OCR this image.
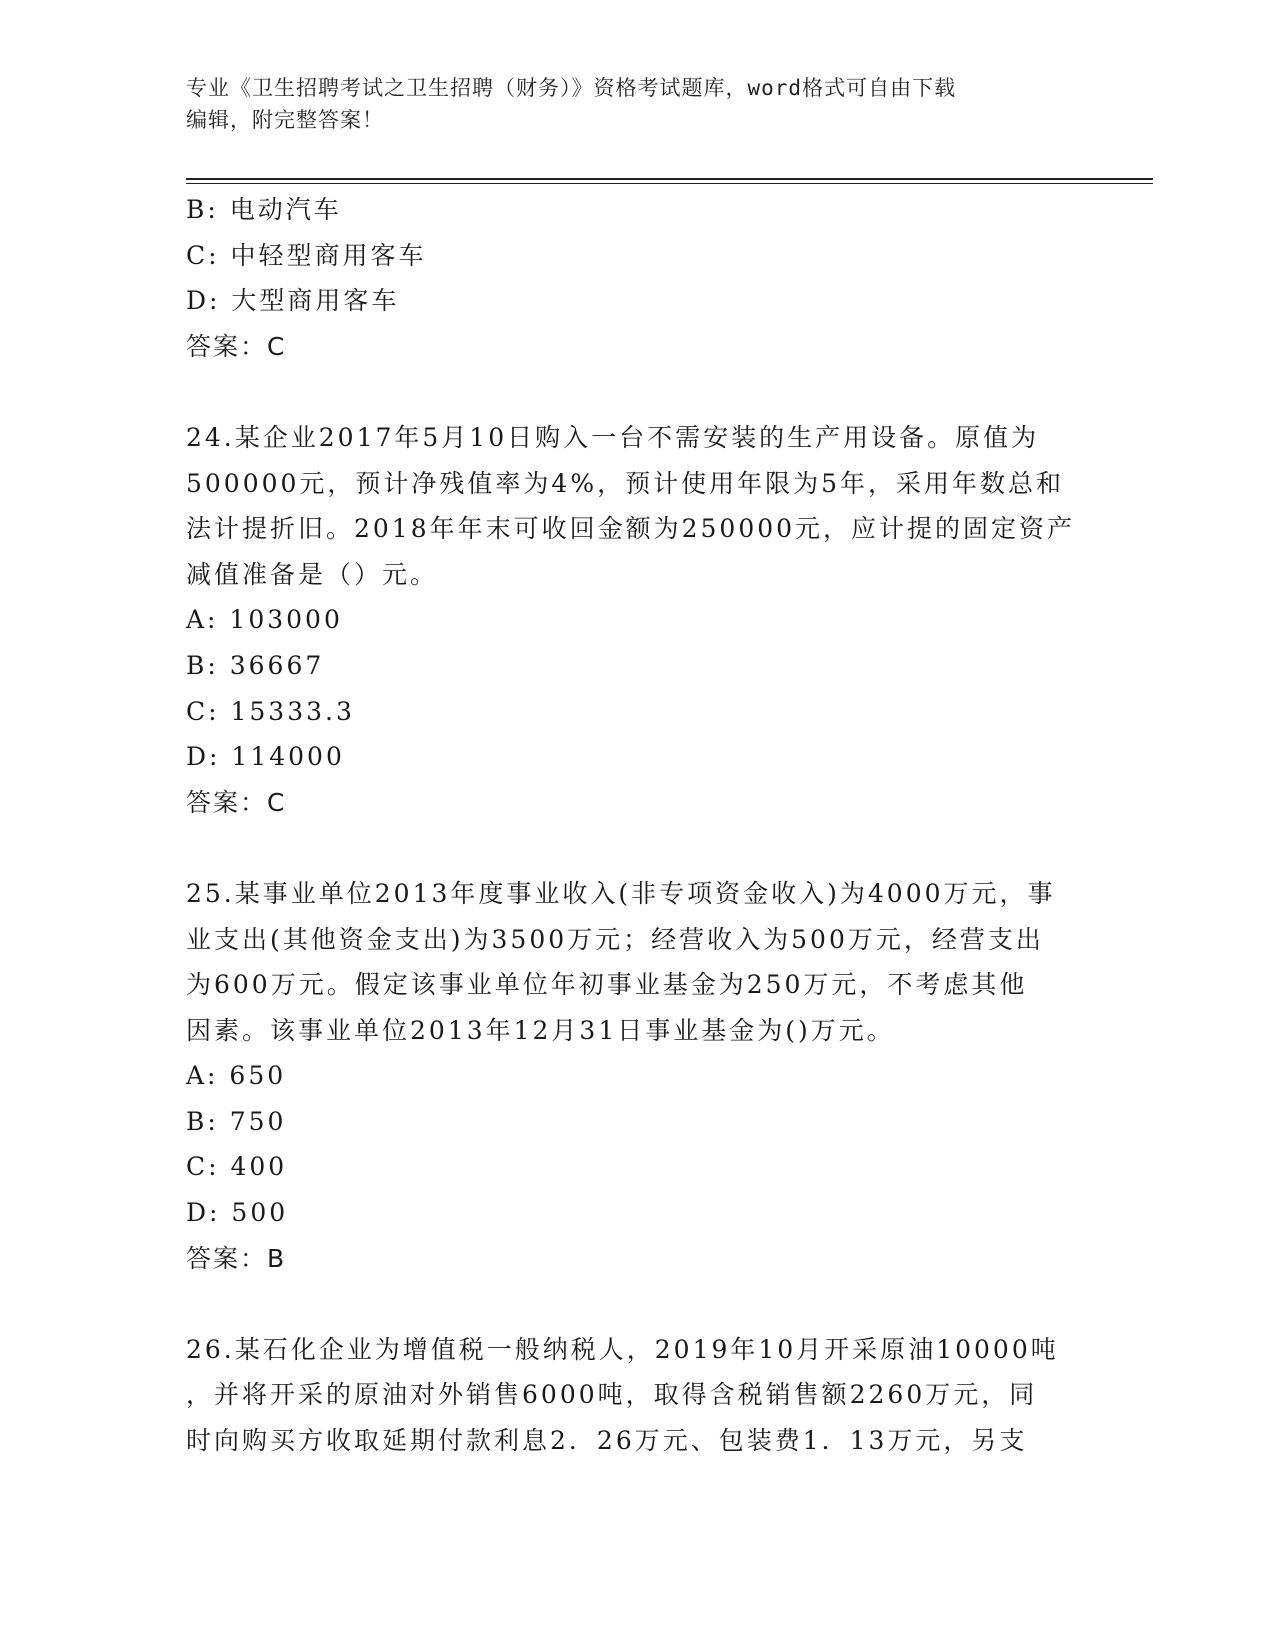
专业《卫生招聘考试之卫生招聘（财务）》资格考试题库，word格式可自由下载
编辑，附完整答案！

B: 电动汽车

C: 中轻型商用客车

D: 大型商用客车

答案：C

24.某企业2017年5月10日购入一台不需安装的生产用设备。原值为

500000元，预计净残值率为4%，预计使用年限为5年，采用年数总和

法计提折旧。2018年年末可收回金额为250000元，应计提的固定资产

减值准备是（）元。

A: 103000

B: 36667

C: 15333.3

D: 114000

答案：C

25.某事业单位2013年度事业收入(非专项资金收入)为4000万元，事

业支出(其他资金支出)为3500万元；经营收入为500万元，经营支出

为600万元。假定该事业单位年初事业基金为250万元，不考虑其他

因素。该事业单位2013年12月31日事业基金为()万元。

A: 650

B: 750

C: 400

D: 500

答案：B

26.某石化企业为增值税一般纳税人，2019年10月开采原油10000吨

，并将开采的原油对外销售6000吨，取得含税销售额2260万元，同

时向购买方收取延期付款利息2．26万元、包装费1．13万元，另支
